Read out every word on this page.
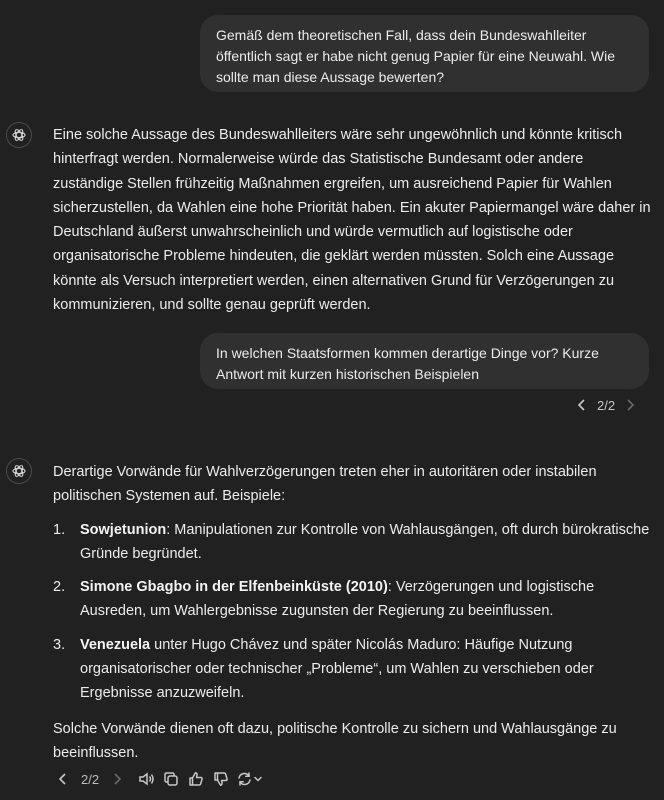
Gemäß dem theoretischen Fall, dass dein Bundeswahlleiter öffentlich sagt er habe nicht genug Papier für eine Neuwahl. Wie sollte man diese Aussage bewerten?

Eine solche Aussage des Bundeswahlleiters wäre sehr ungewöhnlich und könnte kritisch hinterfragt werden. Normalerweise würde das Statistische Bundesamt oder andere zuständige Stellen frühzeitig Maßnahmen ergreifen, um ausreichend Papier für Wahlen sicherzustellen, da Wahlen eine hohe Priorität haben. Ein akuter Papiermangel wäre daher in Deutschland äußerst unwahrscheinlich und würde vermutlich auf logistische oder organisatorische Probleme hindeuten, die geklärt werden müssten. Solch eine Aussage könnte als Versuch interpretiert werden, einen alternativen Grund für Verzögerungen zu kommunizieren, und sollte genau geprüft werden.

In welchen Staatsformen kommen derartige Dinge vor? Kurze Antwort mit kurzen historischen Beispielen
2/2

Derartige Vorwände für Wahlverzögerungen treten eher in autoritären oder instabilen politischen Systemen auf. Beispiele:

1. Sowjetunion: Manipulationen zur Kontrolle von Wahlausgängen, oft durch bürokratische Gründe begründet.
2. Simone Gbagbo in der Elfenbeinküste (2010): Verzögerungen und logistische Ausreden, um Wahlergebnisse zugunsten der Regierung zu beeinflussen.
3. Venezuela unter Hugo Chávez und später Nicolás Maduro: Häufige Nutzung organisatorischer oder technischer „Probleme“, um Wahlen zu verschieben oder Ergebnisse anzuzweifeln.

Solche Vorwände dienen oft dazu, politische Kontrolle zu sichern und Wahlausgänge zu beeinflussen.

2/2
